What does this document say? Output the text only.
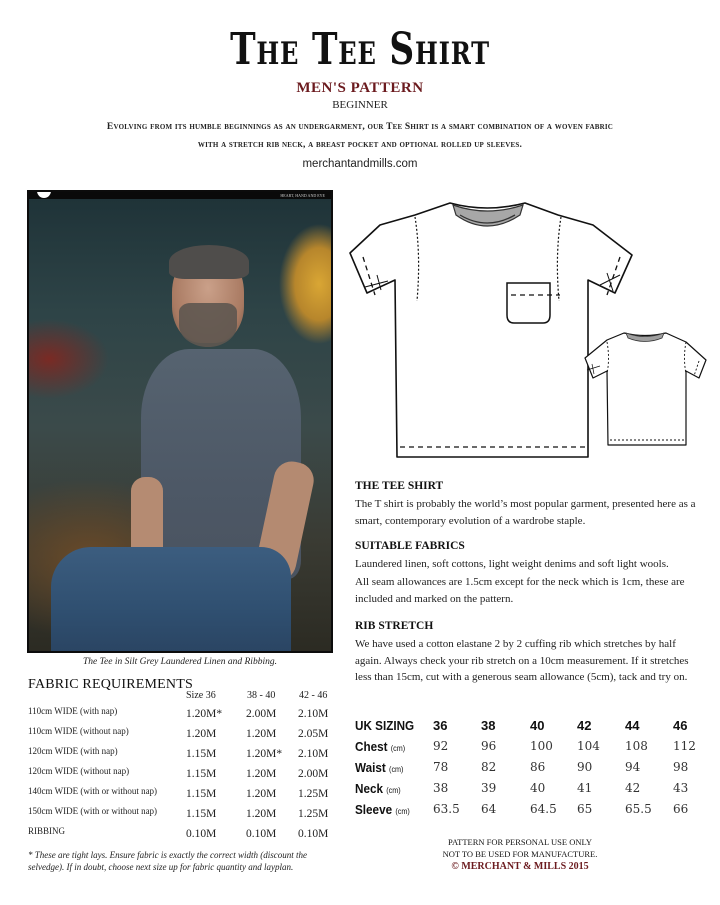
The Tee Shirt
MEN'S PATTERN
BEGINNER
Evolving from its humble beginnings as an undergarment, our Tee Shirt is a smart combination of a woven fabric
with a stretch rib neck, a breast pocket and optional rolled up sleeves.
merchantandmills.com
HEART, HAND AND EYE
The Tee in Silt Grey Laundered Linen and Ribbing.
THE TEE SHIRT
The T shirt is probably the world’s most popular garment, presented here as a smart, contemporary evolution of a wardrobe staple.
SUITABLE FABRICS
Laundered linen, soft cottons, light weight denims and soft light wools.
All seam allowances are 1.5cm except for the neck which is 1cm, these are included and marked on the pattern.
RIB STRETCH
We have used a cotton elastane 2 by 2 cuffing rib which stretches by half again. Always check your rib stretch on a 10cm measurement. If it stretches less than 15cm, cut with a generous seam allowance (5cm), tack and try on.
UK SIZING 36	38	40	42	44	46
Chest (cm) 92	96	100 104 108 112
Waist (cm) 78	82	86	90	94	98
Neck (cm)	38	39	40	41	42	43
Sleeve (cm) 63.5 64	64.5 65	65.5 66
PATTERN FOR PERSONAL USE ONLY
NOT TO BE USED FOR MANUFACTURE.
© MERCHANT & MILLS 2015
FABRIC REQUIREMENTS
Size 36	38 - 40 42 - 46
110cm WIDE (with nap)	1.20M* 2.00M 2.10M
110cm WIDE (without nap)	1.20M	1.20M 2.05M
120cm WIDE (with nap)	1.15M	1.20M* 2.10M
120cm WIDE (without nap)	1.15M	1.20M 2.00M
140cm WIDE (with or without nap)	1.15M	1.20M 1.25M
150cm WIDE (with or without nap)	1.15M	1.20M 1.25M
RIBBING	0.10M	0.10M 0.10M
* These are tight lays. Ensure fabric is exactly the correct width (discount the selvedge). If in doubt, choose next size up for fabric quantity and layplan.
